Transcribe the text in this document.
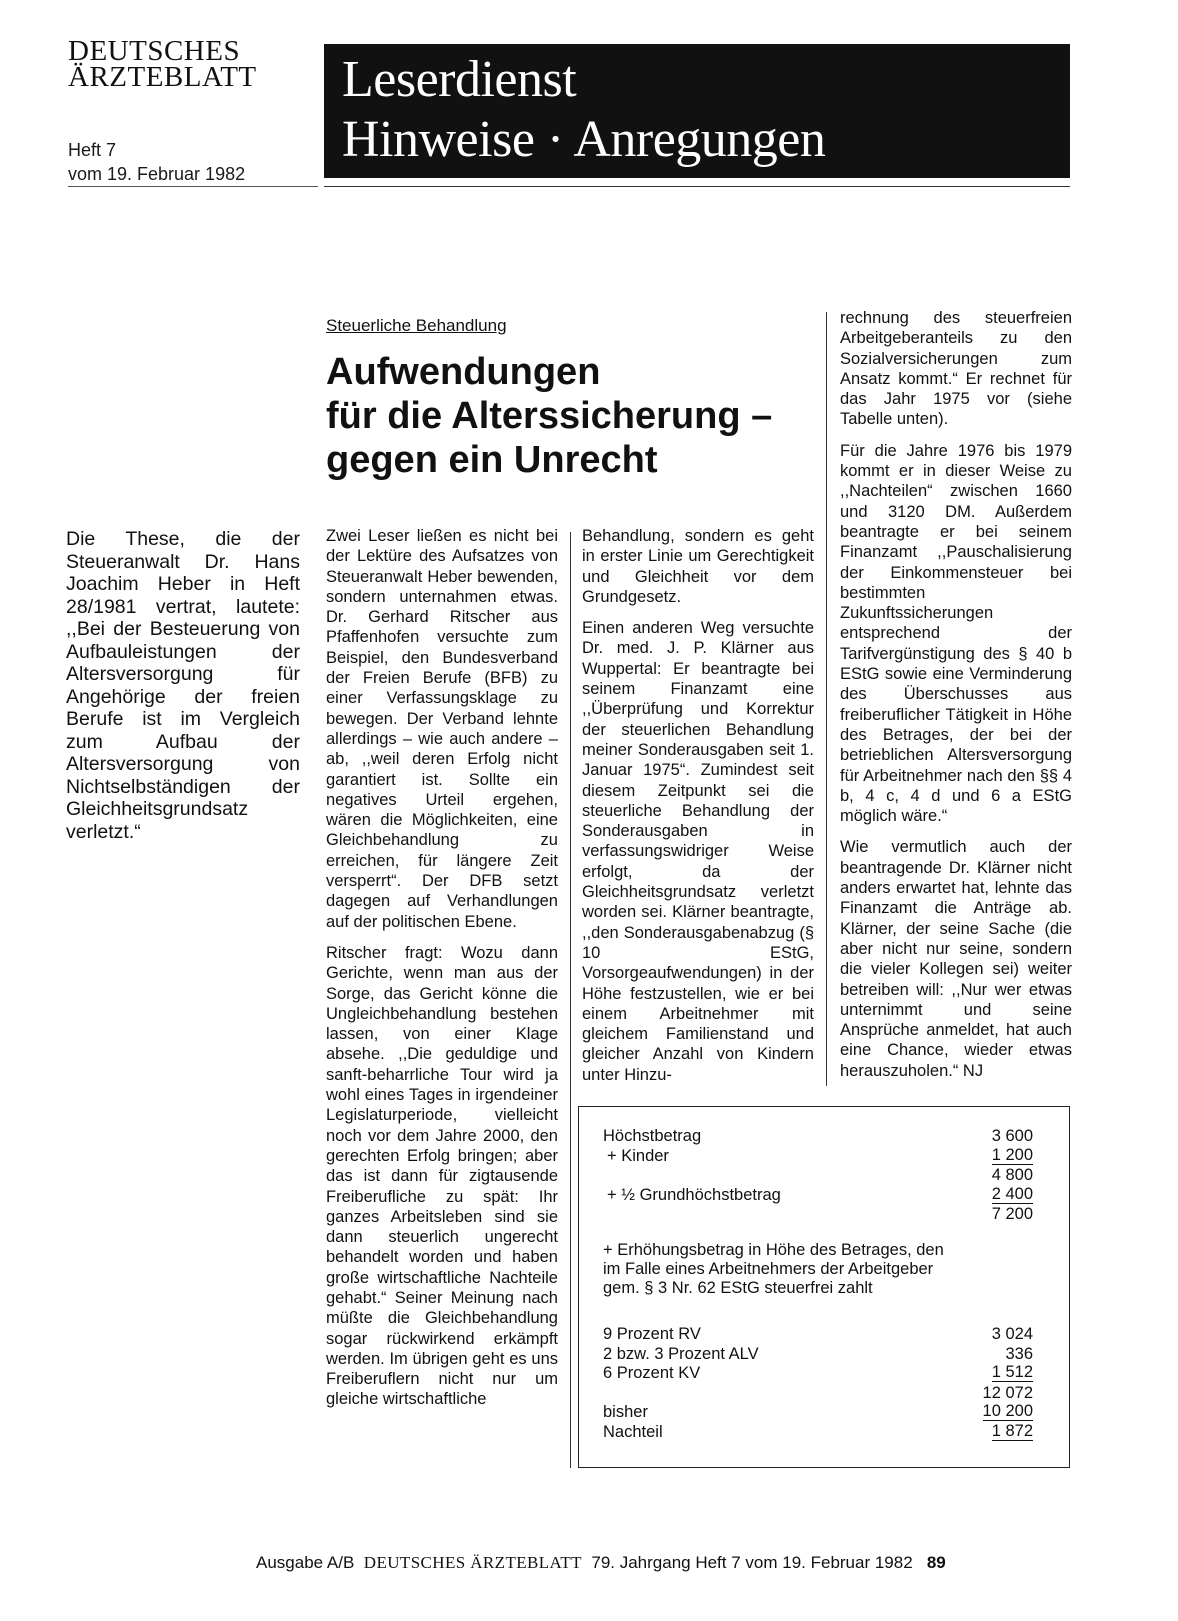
DEUTSCHES
ÄRZTEBLATT
Heft 7
vom 19. Februar 1982
Leserdienst
Hinweise · Anregungen
Steuerliche Behandlung
Aufwendungen
für die Alterssicherung –
gegen ein Unrecht
Die These, die der Steueranwalt Dr. Hans Joachim Heber in Heft 28/1981 vertrat, lautete: ,,Bei der Besteuerung von Aufbauleistungen der Altersversorgung für Angehörige der freien Berufe ist im Vergleich zum Aufbau der Altersversorgung von Nichtselbständigen der Gleichheitsgrundsatz verletzt.“

Zwei Leser ließen es nicht bei der Lektüre des Aufsatzes von Steueranwalt Heber bewenden, sondern unternahmen etwas. Dr. Gerhard Ritscher aus Pfaffenhofen versuchte zum Beispiel, den Bundesverband der Freien Berufe (BFB) zu einer Verfassungsklage zu bewegen. Der Verband lehnte allerdings – wie auch andere – ab, ,,weil deren Erfolg nicht garantiert ist. Sollte ein negatives Urteil ergehen, wären die Möglichkeiten, eine Gleichbehandlung zu erreichen, für längere Zeit versperrt“. Der DFB setzt dagegen auf Verhandlungen auf der politischen Ebene.

Ritscher fragt: Wozu dann Gerichte, wenn man aus der Sorge, das Gericht könne die Ungleichbehandlung bestehen lassen, von einer Klage absehe. ,,Die geduldige und sanft-beharrliche Tour wird ja wohl eines Tages in irgendeiner Legislaturperiode, vielleicht noch vor dem Jahre 2000, den gerechten Erfolg bringen; aber das ist dann für zigtausende Freiberufliche zu spät: Ihr ganzes Arbeitsleben sind sie dann steuerlich ungerecht behandelt worden und haben große wirtschaftliche Nachteile gehabt.“ Seiner Meinung nach müßte die Gleichbehandlung sogar rückwirkend erkämpft werden. Im übrigen geht es uns Freiberuflern nicht nur um gleiche wirtschaftliche

Behandlung, sondern es geht in erster Linie um Gerechtigkeit und Gleichheit vor dem Grundgesetz.

Einen anderen Weg versuchte Dr. med. J. P. Klärner aus Wuppertal: Er beantragte bei seinem Finanzamt eine ,,Überprüfung und Korrektur der steuerlichen Behandlung meiner Sonderausgaben seit 1. Januar 1975“. Zumindest seit diesem Zeitpunkt sei die steuerliche Behandlung der Sonderausgaben in verfassungswidriger Weise erfolgt, da der Gleichheitsgrundsatz verletzt worden sei. Klärner beantragte, ,,den Sonderausgabenabzug (§ 10 EStG, Vorsorgeaufwendungen) in der Höhe festzustellen, wie er bei einem Arbeitnehmer mit gleichem Familienstand und gleicher Anzahl von Kindern unter Hinzu-

rechnung des steuerfreien Arbeitgeberanteils zu den Sozialversicherungen zum Ansatz kommt.“ Er rechnet für das Jahr 1975 vor (siehe Tabelle unten).

Für die Jahre 1976 bis 1979 kommt er in dieser Weise zu ,,Nachteilen“ zwischen 1660 und 3120 DM. Außerdem beantragte er bei seinem Finanzamt ,,Pauschalisierung der Einkommensteuer bei bestimmten Zukunftssicherungen entsprechend der Tarifvergünstigung des § 40 b EStG sowie eine Verminderung des Überschusses aus freiberuflicher Tätigkeit in Höhe des Betrages, der bei der betrieblichen Altersversorgung für Arbeitnehmer nach den §§ 4 b, 4 c, 4 d und 6 a EStG möglich wäre.“

Wie vermutlich auch der beantragende Dr. Klärner nicht anders erwartet hat, lehnte das Finanzamt die Anträge ab. Klärner, der seine Sache (die aber nicht nur seine, sondern die vieler Kollegen sei) weiter betreiben will: ,,Nur wer etwas unternimmt und seine Ansprüche anmeldet, hat auch eine Chance, wieder etwas herauszuholen.“ NJ

Höchstbetrag	3 600
+ Kinder	1 200
4 800
+ ½ Grundhöchstbetrag	2 400
7 200
+ Erhöhungsbetrag in Höhe des Betrages, den im Falle eines Arbeitnehmers der Arbeitgeber gem. § 3 Nr. 62 EStG steuerfrei zahlt
9 Prozent RV	3 024
2 bzw. 3 Prozent ALV	336
6 Prozent KV	1 512
12 072
bisher	10 200
Nachteil	1 872
Ausgabe A/B DEUTSCHES ÄRZTEBLATT 79. Jahrgang Heft 7 vom 19. Februar 1982 89
